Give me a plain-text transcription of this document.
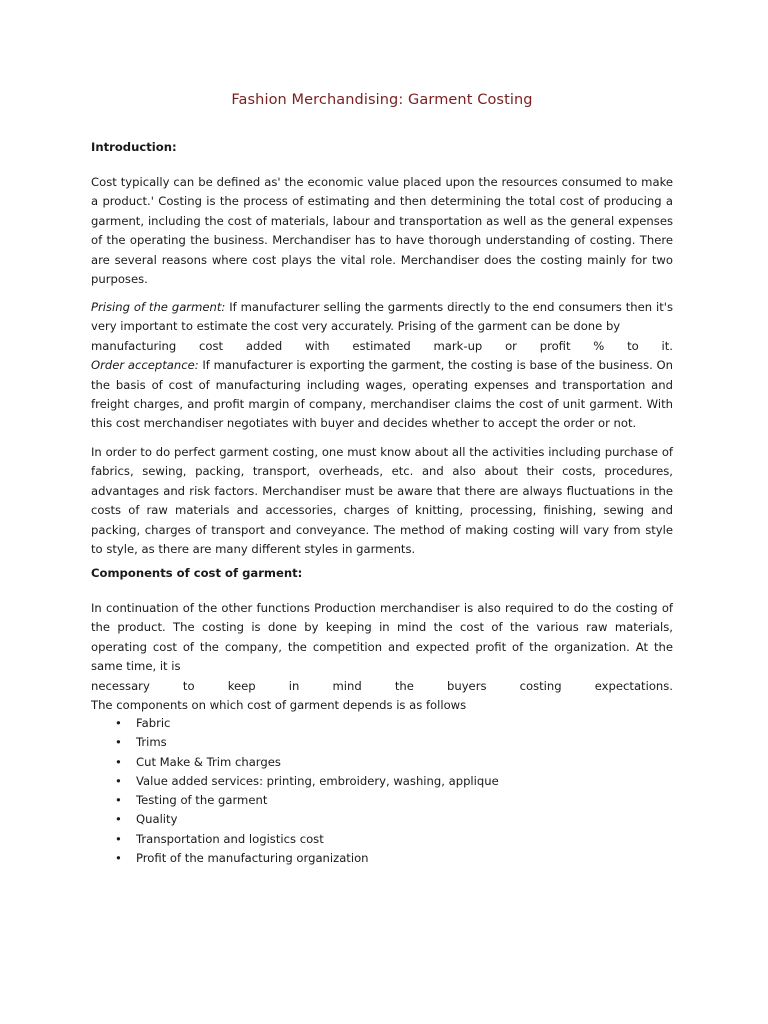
Fashion Merchandising: Garment Costing
Introduction:

Cost typically can be defined as' the economic value placed upon the resources consumed to make a product.' Costing is the process of estimating and then determining the total cost of producing a garment, including the cost of materials, labour and transportation as well as the general expenses of the operating the business. Merchandiser has to have thorough understanding of costing. There are several reasons where cost plays the vital role. Merchandiser does the costing mainly for two purposes.

Prising of the garment: If manufacturer selling the garments directly to the end consumers then it's very important to estimate the cost very accurately. Prising of the garment can be done by
manufacturing cost added with estimated mark-up or profit % to it.
Order acceptance: If manufacturer is exporting the garment, the costing is base of the business. On the basis of cost of manufacturing including wages, operating expenses and transportation and freight charges, and profit margin of company, merchandiser claims the cost of unit garment. With this cost merchandiser negotiates with buyer and decides whether to accept the order or not.

In order to do perfect garment costing, one must know about all the activities including purchase of fabrics, sewing, packing, transport, overheads, etc. and also about their costs, procedures, advantages and risk factors. Merchandiser must be aware that there are always fluctuations in the costs of raw materials and accessories, charges of knitting, processing, finishing, sewing and packing, charges of transport and conveyance. The method of making costing will vary from style to style, as there are many different styles in garments.

Components of cost of garment:
In continuation of the other functions Production merchandiser is also required to do the costing of the product. The costing is done by keeping in mind the cost of the various raw materials, operating cost of the company, the competition and expected profit of the organization. At the same time, it is
necessary to keep in mind the buyers costing expectations.
The components on which cost of garment depends is as follows
• Fabric
• Trims
• Cut Make & Trim charges
• Value added services: printing, embroidery, washing, applique
• Testing of the garment
• Quality
• Transportation and logistics cost
• Profit of the manufacturing organization
